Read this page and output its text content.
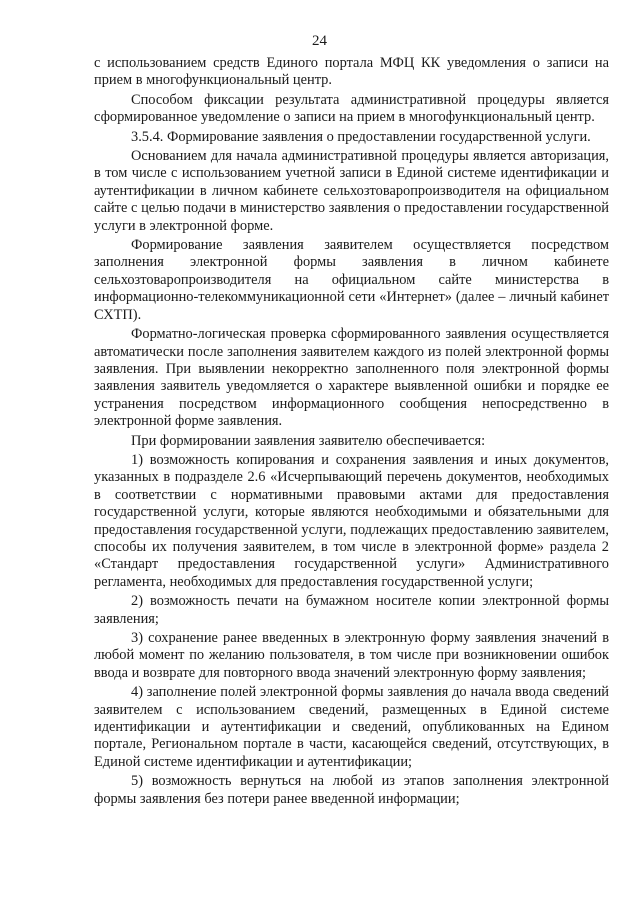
24

с использованием средств Единого портала МФЦ КК уведомления о записи на прием в многофункциональный центр.

Способом фиксации результата административной процедуры является сформированное уведомление о записи на прием в многофункциональный центр.

3.5.4. Формирование заявления о предоставлении государственной услуги.

Основанием для начала административной процедуры является авторизация, в том числе с использованием учетной записи в Единой системе идентификации и аутентификации в личном кабинете сельхозтоваропроизводителя на официальном сайте с целью подачи в министерство заявления о предоставлении государственной услуги в электронной форме.

Формирование заявления заявителем осуществляется посредством заполнения электронной формы заявления в личном кабинете сельхозтоваропроизводителя на официальном сайте министерства в информационно-телекоммуникационной сети «Интернет» (далее – личный кабинет СХТП).

Форматно-логическая проверка сформированного заявления осуществляется автоматически после заполнения заявителем каждого из полей электронной формы заявления. При выявлении некорректно заполненного поля электронной формы заявления заявитель уведомляется о характере выявленной ошибки и порядке ее устранения посредством информационного сообщения непосредственно в электронной форме заявления.

При формировании заявления заявителю обеспечивается:

1) возможность копирования и сохранения заявления и иных документов, указанных в подразделе 2.6 «Исчерпывающий перечень документов, необходимых в соответствии с нормативными правовыми актами для предоставления государственной услуги, которые являются необходимыми и обязательными для предоставления государственной услуги, подлежащих предоставлению заявителем, способы их получения заявителем, в том числе в электронной форме» раздела 2 «Стандарт предоставления государственной услуги» Административного регламента, необходимых для предоставления государственной услуги;

2) возможность печати на бумажном носителе копии электронной формы заявления;

3) сохранение ранее введенных в электронную форму заявления значений в любой момент по желанию пользователя, в том числе при возникновении ошибок ввода и возврате для повторного ввода значений электронную форму заявления;

4) заполнение полей электронной формы заявления до начала ввода сведений заявителем с использованием сведений, размещенных в Единой системе идентификации и аутентификации и сведений, опубликованных на Едином портале, Региональном портале в части, касающейся сведений, отсутствующих, в Единой системе идентификации и аутентификации;

5) возможность вернуться на любой из этапов заполнения электронной формы заявления без потери ранее введенной информации;
